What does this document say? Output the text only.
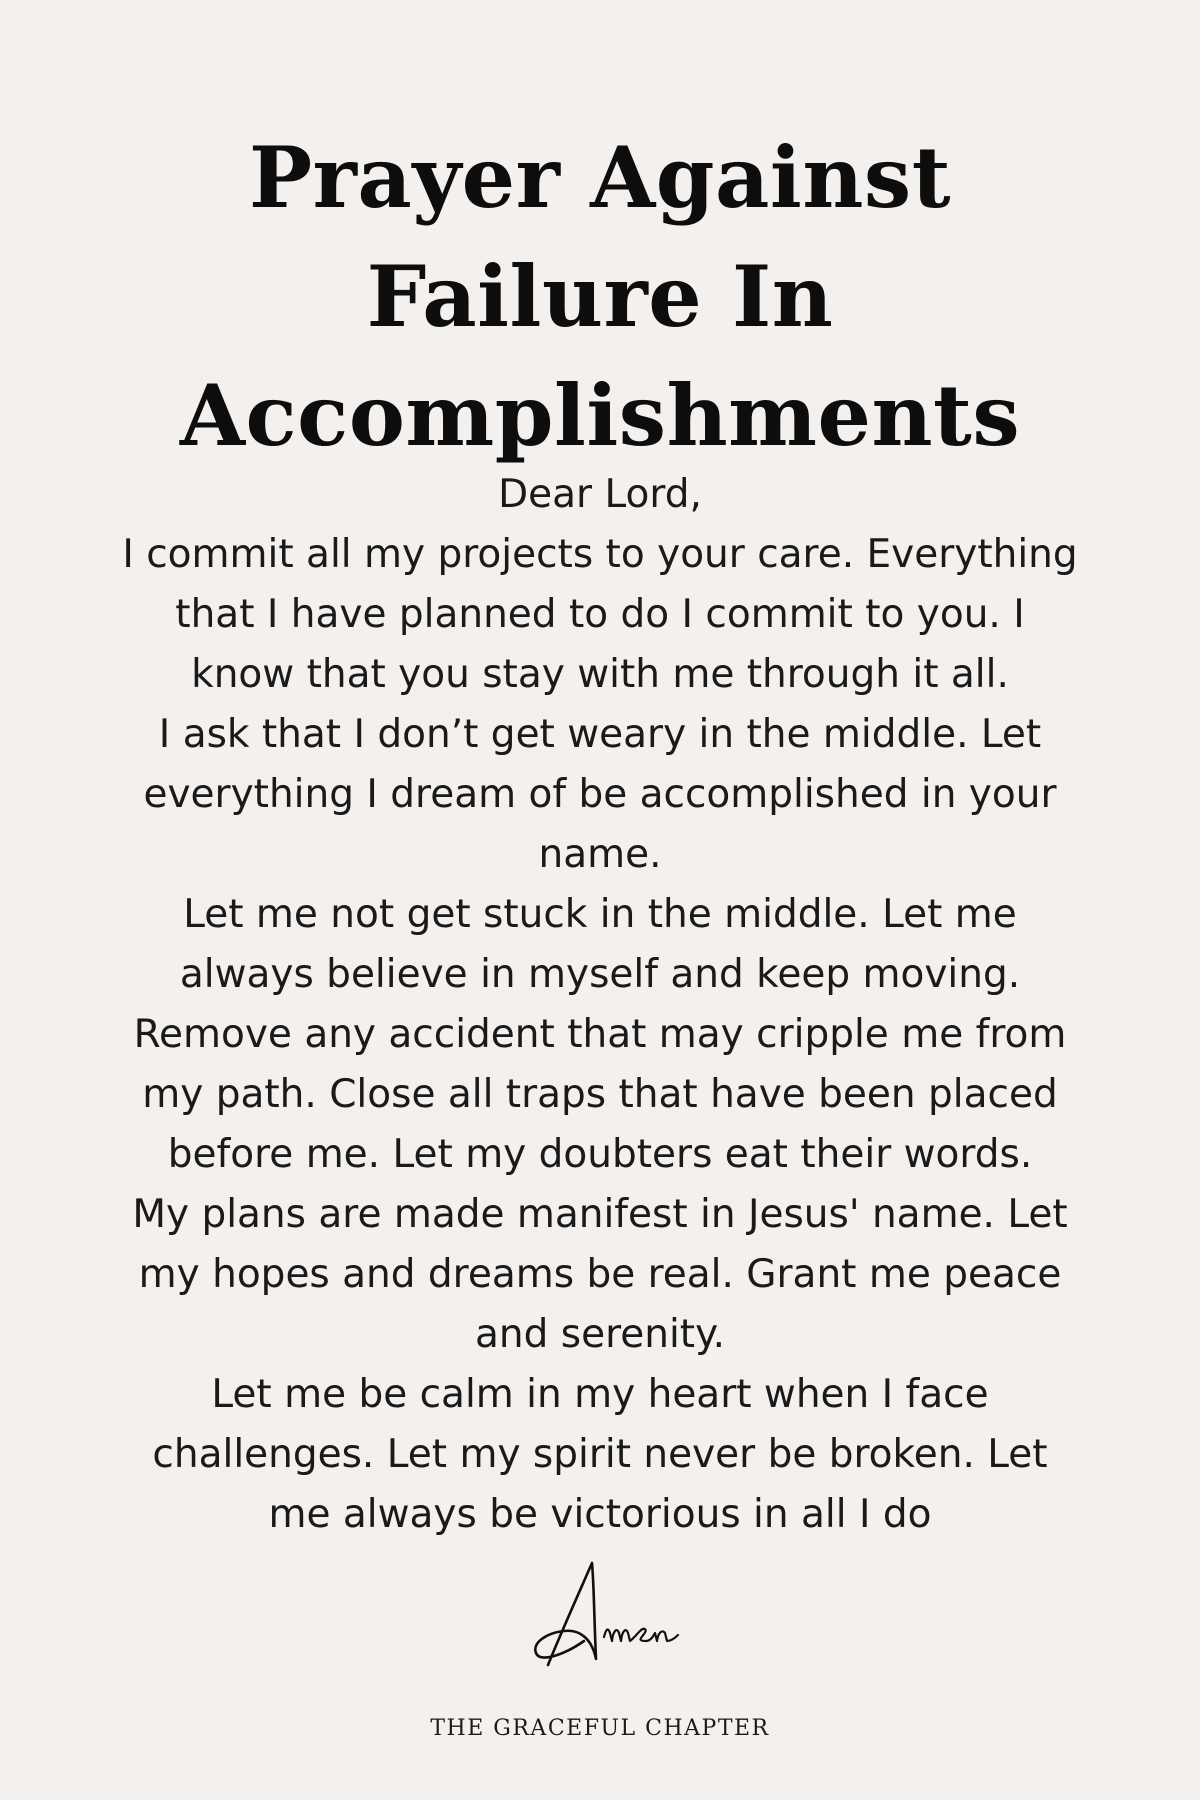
Prayer Against
Failure In
Accomplishments
Dear Lord,
I commit all my projects to your care. Everything
that I have planned to do I commit to you. I
know that you stay with me through it all.
I ask that I don’t get weary in the middle. Let
everything I dream of be accomplished in your
name.
Let me not get stuck in the middle. Let me
always believe in myself and keep moving.
Remove any accident that may cripple me from
my path. Close all traps that have been placed
before me. Let my doubters eat their words.
My plans are made manifest in Jesus' name. Let
my hopes and dreams be real. Grant me peace
and serenity.
Let me be calm in my heart when I face
challenges. Let my spirit never be broken. Let
me always be victorious in all I do
THE GRACEFUL CHAPTER
